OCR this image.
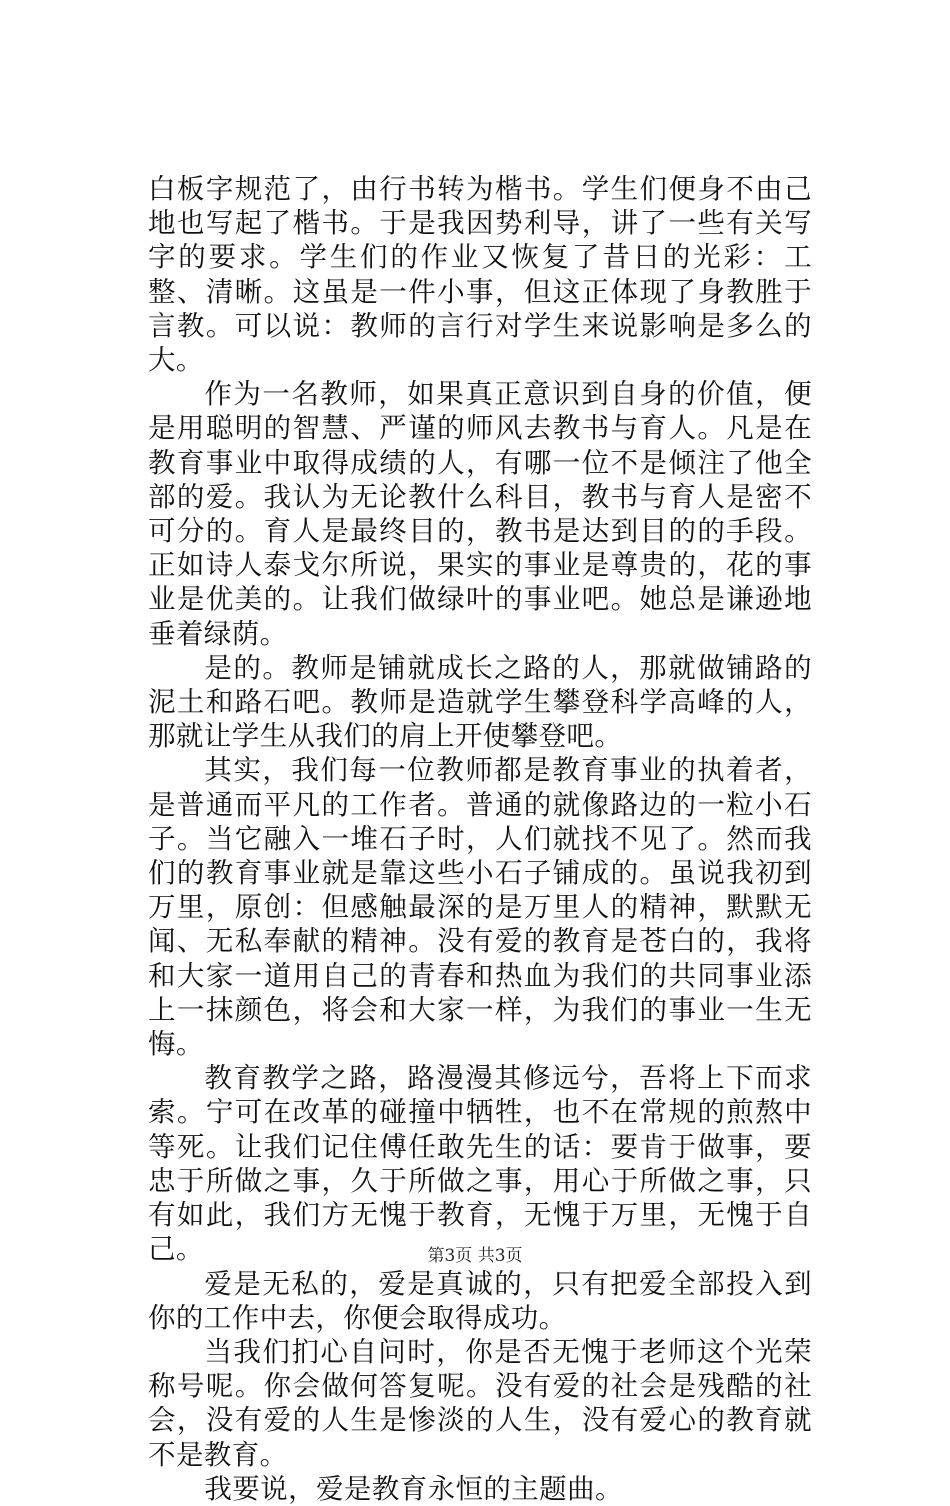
白板字规范了，由行书转为楷书。学生们便身不由己地也写起了楷书。于是我因势利导，讲了一些有关写字的要求。学生们的作业又恢复了昔日的光彩：工整、清晰。这虽是一件小事，但这正体现了身教胜于言教。可以说：教师的言行对学生来说影响是多么的大。

作为一名教师，如果真正意识到自身的价值，便是用聪明的智慧、严谨的师风去教书与育人。凡是在教育事业中取得成绩的人，有哪一位不是倾注了他全部的爱。我认为无论教什么科目，教书与育人是密不可分的。育人是最终目的，教书是达到目的的手段。正如诗人泰戈尔所说，果实的事业是尊贵的，花的事业是优美的。让我们做绿叶的事业吧。她总是谦逊地垂着绿荫。

是的。教师是铺就成长之路的人，那就做铺路的泥土和路石吧。教师是造就学生攀登科学高峰的人，那就让学生从我们的肩上开使攀登吧。

其实，我们每一位教师都是教育事业的执着者，是普通而平凡的工作者。普通的就像路边的一粒小石子。当它融入一堆石子时，人们就找不见了。然而我们的教育事业就是靠这些小石子铺成的。虽说我初到万里，原创：但感触最深的是万里人的精神，默默无闻、无私奉献的精神。没有爱的教育是苍白的，我将和大家一道用自己的青春和热血为我们的共同事业添上一抹颜色，将会和大家一样，为我们的事业一生无悔。

教育教学之路，路漫漫其修远兮，吾将上下而求索。宁可在改革的碰撞中牺牲，也不在常规的煎熬中等死。让我们记住傅任敢先生的话：要肯于做事，要忠于所做之事，久于所做之事，用心于所做之事，只有如此，我们方无愧于教育，无愧于万里，无愧于自己。

爱是无私的，爱是真诚的，只有把爱全部投入到你的工作中去，你便会取得成功。

当我们扪心自问时，你是否无愧于老师这个光荣称号呢。你会做何答复呢。没有爱的社会是残酷的社会，没有爱的人生是惨淡的人生，没有爱心的教育就不是教育。

我要说，爱是教育永恒的主题曲。

第3页 共3页
